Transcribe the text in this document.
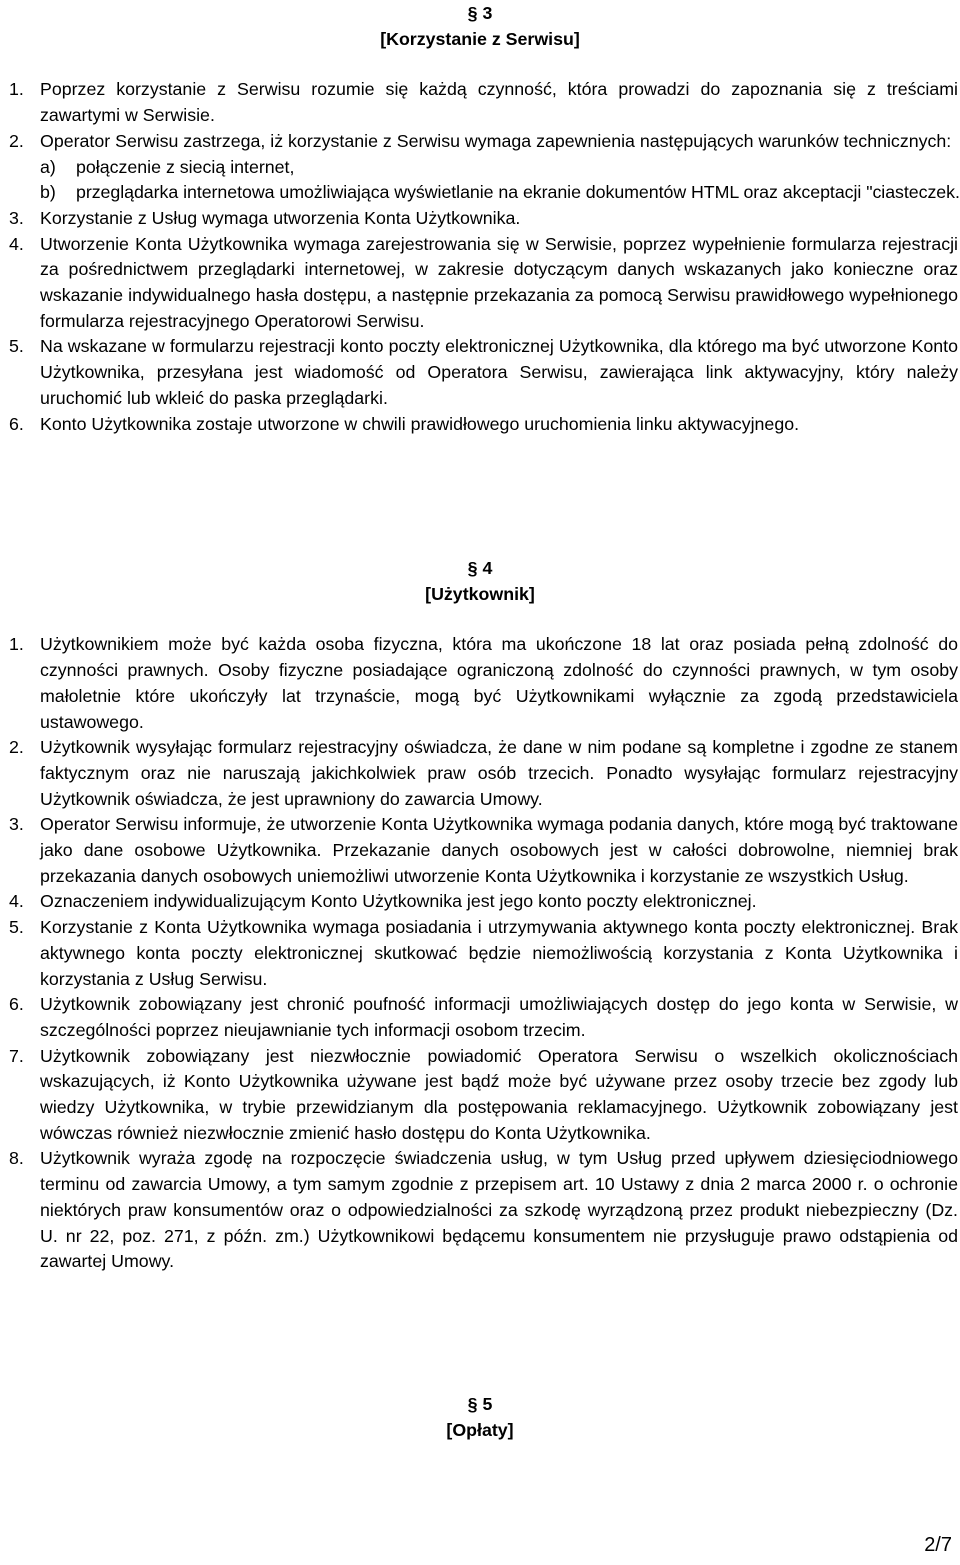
§ 3
[Korzystanie z Serwisu]
1. Poprzez korzystanie z Serwisu rozumie się każdą czynność, która prowadzi do zapoznania się z treściami zawartymi w Serwisie.
2. Operator Serwisu zastrzega, iż korzystanie z Serwisu wymaga zapewnienia następujących warunków technicznych:
a) połączenie z siecią internet,
b) przeglądarka internetowa umożliwiająca wyświetlanie na ekranie dokumentów HTML oraz akceptacji "ciasteczek.
3. Korzystanie z Usług wymaga utworzenia Konta Użytkownika.
4. Utworzenie Konta Użytkownika wymaga zarejestrowania się w Serwisie, poprzez wypełnienie formularza rejestracji za pośrednictwem przeglądarki internetowej, w zakresie dotyczącym danych wskazanych jako konieczne oraz wskazanie indywidualnego hasła dostępu, a następnie przekazania za pomocą Serwisu prawidłowego wypełnionego formularza rejestracyjnego Operatorowi Serwisu.
5. Na wskazane w formularzu rejestracji konto poczty elektronicznej Użytkownika, dla którego ma być utworzone Konto Użytkownika, przesyłana jest wiadomość od Operatora Serwisu, zawierająca link aktywacyjny, który należy uruchomić lub wkleić do paska przeglądarki.
6. Konto Użytkownika zostaje utworzone w chwili prawidłowego uruchomienia linku aktywacyjnego.
§ 4
[Użytkownik]
1. Użytkownikiem może być każda osoba fizyczna, która ma ukończone 18 lat oraz posiada pełną zdolność do czynności prawnych. Osoby fizyczne posiadające ograniczoną zdolność do czynności prawnych, w tym osoby małoletnie które ukończyły lat trzynaście, mogą być Użytkownikami wyłącznie za zgodą przedstawiciela ustawowego.
2. Użytkownik wysyłając formularz rejestracyjny oświadcza, że dane w nim podane są kompletne i zgodne ze stanem faktycznym oraz nie naruszają jakichkolwiek praw osób trzecich. Ponadto wysyłając formularz rejestracyjny Użytkownik oświadcza, że jest uprawniony do zawarcia Umowy.
3. Operator Serwisu informuje, że utworzenie Konta Użytkownika wymaga podania danych, które mogą być traktowane jako dane osobowe Użytkownika. Przekazanie danych osobowych jest w całości dobrowolne, niemniej brak przekazania danych osobowych uniemożliwi utworzenie Konta Użytkownika i korzystanie ze wszystkich Usług.
4. Oznaczeniem indywidualizującym Konto Użytkownika jest jego konto poczty elektronicznej.
5. Korzystanie z Konta Użytkownika wymaga posiadania i utrzymywania aktywnego konta poczty elektronicznej. Brak aktywnego konta poczty elektronicznej skutkować będzie niemożliwością korzystania z Konta Użytkownika i korzystania z Usług Serwisu.
6. Użytkownik zobowiązany jest chronić poufność informacji umożliwiających dostęp do jego konta w Serwisie, w szczególności poprzez nieujawnianie tych informacji osobom trzecim.
7. Użytkownik zobowiązany jest niezwłocznie powiadomić Operatora Serwisu o wszelkich okolicznościach wskazujących, iż Konto Użytkownika używane jest bądź może być używane przez osoby trzecie bez zgody lub wiedzy Użytkownika, w trybie przewidzianym dla postępowania reklamacyjnego. Użytkownik zobowiązany jest wówczas również niezwłocznie zmienić hasło dostępu do Konta Użytkownika.
8. Użytkownik wyraża zgodę na rozpoczęcie świadczenia usług, w tym Usług przed upływem dziesięciodniowego terminu od zawarcia Umowy, a tym samym zgodnie z przepisem art. 10 Ustawy z dnia 2 marca 2000 r. o ochronie niektórych praw konsumentów oraz o odpowiedzialności za szkodę wyrządzoną przez produkt niebezpieczny (Dz. U. nr 22, poz. 271, z późn. zm.) Użytkownikowi będącemu konsumentem nie przysługuje prawo odstąpienia od zawartej Umowy.
§ 5
[Opłaty]
2/7
